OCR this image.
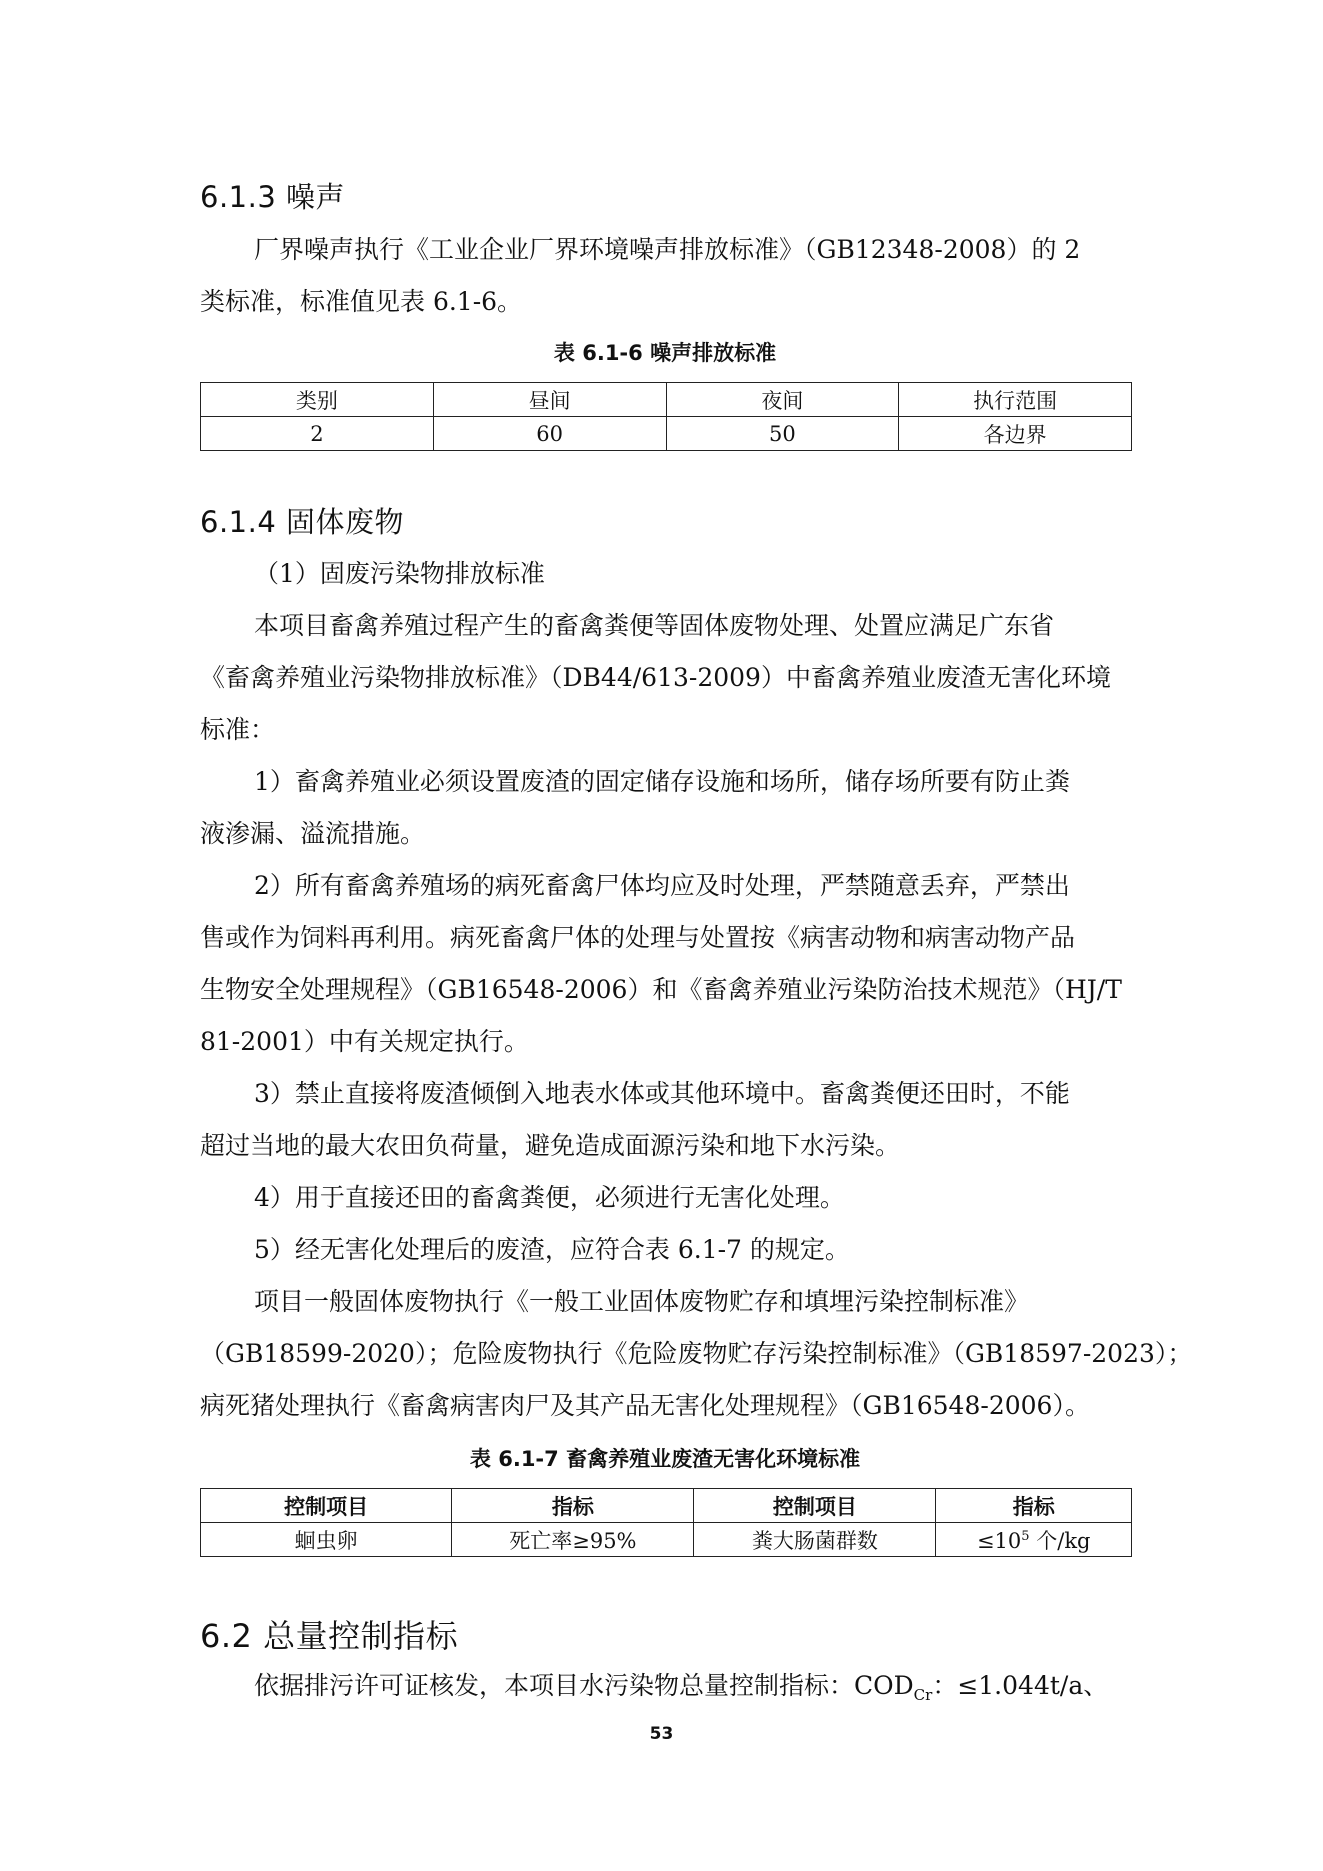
6.1.3 噪声
厂界噪声执行《工业企业厂界环境噪声排放标准》（GB12348-2008）的 2
类标准，标准值见表 6.1-6。
表 6.1-6 噪声排放标准
类别	昼间	夜间	执行范围
2	60	50	各边界
6.1.4 固体废物
（1）固废污染物排放标准
本项目畜禽养殖过程产生的畜禽粪便等固体废物处理、处置应满足广东省
《畜禽养殖业污染物排放标准》（DB44/613-2009）中畜禽养殖业废渣无害化环境
标准：
1）畜禽养殖业必须设置废渣的固定储存设施和场所，储存场所要有防止粪
液渗漏、溢流措施。
2）所有畜禽养殖场的病死畜禽尸体均应及时处理，严禁随意丢弃，严禁出
售或作为饲料再利用。病死畜禽尸体的处理与处置按《病害动物和病害动物产品
生物安全处理规程》（GB16548-2006）和《畜禽养殖业污染防治技术规范》（HJ/T
81-2001）中有关规定执行。
3）禁止直接将废渣倾倒入地表水体或其他环境中。畜禽粪便还田时，不能
超过当地的最大农田负荷量，避免造成面源污染和地下水污染。
4）用于直接还田的畜禽粪便，必须进行无害化处理。
5）经无害化处理后的废渣，应符合表 6.1-7 的规定。
项目一般固体废物执行《一般工业固体废物贮存和填埋污染控制标准》
（GB18599-2020）；危险废物执行《危险废物贮存污染控制标准》（GB18597-2023）；
病死猪处理执行《畜禽病害肉尸及其产品无害化处理规程》（GB16548-2006）。
表 6.1-7 畜禽养殖业废渣无害化环境标准
控制项目	指标	控制项目	指标
蛔虫卵	死亡率≥95%	粪大肠菌群数	$\le 10^5$ 个/kg
6.2 总量控制指标
依据排污许可证核发，本项目水污染物总量控制指标：$COD_{Cr}$：≤1.044t/a、
53
